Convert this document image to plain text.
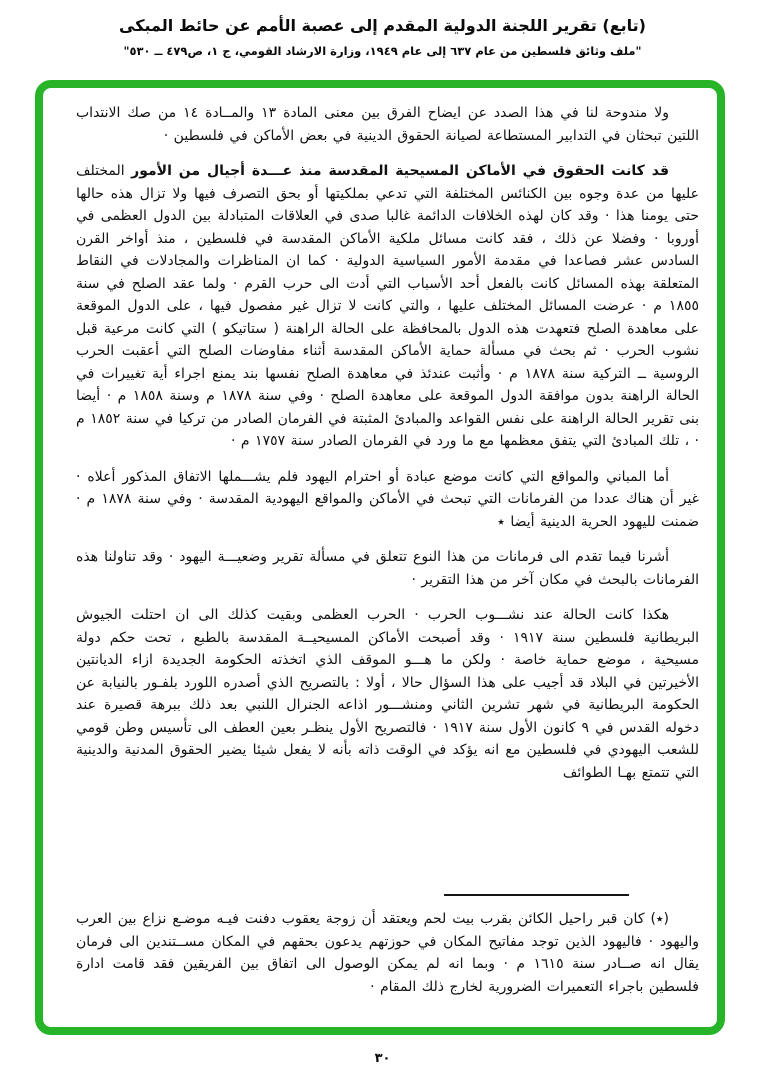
(تابع) تقرير اللجنة الدولية المقدم إلى عصبة الأمم عن حائط المبكى
"ملف وثائق فلسطين من عام ٦٣٧ إلى عام ١٩٤٩، وزارة الارشاد القومي، ج ١، ص٤٧٩ ــ ٥٣٠"

ولا مندوحة لنا في هذا الصدد عن ايضاح الفرق بين معنى المادة ١٣ والمــادة ١٤ من صك الانتداب اللتين تبحثان في التدابير المستطاعة لصيانة الحقوق الدينية في بعض الأماكن في فلسطين ·

قد كانت الحقوق في الأماكن المسيحية المقدسة منذ عـــدة أجيال من الأمور المختلف عليها من عدة وجوه بين الكنائس المختلفة التي تدعي بملكيتها أو بحق التصرف فيها ولا تزال هذه حالها حتى يومنا هذا · وقد كان لهذه الخلافات الدائمة غالبا صدى في العلاقات المتبادلة بين الدول العظمى في أوروبا · وفضلا عن ذلك ، فقد كانت مسائل ملكية الأماكن المقدسة في فلسطين ، منذ أواخر القرن السادس عشر فصاعدا في مقدمة الأمور السياسية الدولية · كما ان المناظرات والمجادلات في النقاط المتعلقة بهذه المسائل كانت بالفعل أحد الأسباب التي أدت الى حرب القرم · ولما عقد الصلح في سنة ١٨٥٥ م · عرضت المسائل المختلف عليها ، والتي كانت لا تزال غير مفصول فيها ، على الدول الموقعة على معاهدة الصلح فتعهدت هذه الدول بالمحافظة على الحالة الراهنة ( ستاتيكو ) التي كانت مرعية قبل نشوب الحرب · ثم بحث في مسألة حماية الأماكن المقدسة أثناء مفاوضات الصلح التي أعقبت الحرب الروسية ــ التركية سنة ١٨٧٨ م · وأثبت عندئذ في معاهدة الصلح نفسها بند يمنع اجراء أية تغييرات في الحالة الراهنة بدون موافقة الدول الموقعة على معاهدة الصلح · وفي سنة ١٨٧٨ م وسنة ١٨٥٨ م · أيضا بنى تقرير الحالة الراهنة على نفس القواعد والمبادئ المثبتة في الفرمان الصادر من تركيا في سنة ١٨٥٢ م · ، تلك المبادئ التي يتفق معظمها مع ما ورد في الفرمان الصادر سنة ١٧٥٧ م ·

أما المباني والمواقع التي كانت موضع عبادة أو احترام اليهود فلم يشـــملها الاتفاق المذكور أعلاه · غير أن هناك عددا من الفرمانات التي تبحث في الأماكن والمواقع اليهودية المقدسة · وفي سنة ١٨٧٨ م · ضمنت لليهود الحرية الدينية أيضا ٭

أشرنا فيما تقدم الى فرمانات من هذا النوع تتعلق في مسألة تقرير وضعيـــة اليهود · وقد تناولنا هذه الفرمانات بالبحث في مكان آخر من هذا التقرير ·

هكذا كانت الحالة عند نشـــوب الحرب · الحرب العظمى وبقيت كذلك الى ان احتلت الجيوش البريطانية فلسطين سنة ١٩١٧ · وقد أصبحت الأماكن المسيحيــة المقدسة بالطبع ، تحت حكم دولة مسيحية ، موضع حماية خاصة · ولكن ما هـــو الموقف الذي اتخذته الحكومة الجديدة ازاء الديانتين الأخيرتين في البلاد قد أجيب على هذا السؤال حالا ، أولا : بالتصريح الذي أصدره اللورد بلفـور بالنيابة عن الحكومة البريطانية في شهر تشرين الثاني ومنشـــور اذاعه الجنرال اللنبي بعد ذلك ببرهة قصيرة عند دخوله القدس في ٩ كانون الأول سنة ١٩١٧ · فالتصريح الأول ينظـر بعين العطف الى تأسيس وطن قومي للشعب اليهودي في فلسطين مع انه يؤكد في الوقت ذاته بأنه لا يفعل شيئا يضير الحقوق المدنية والدينية التي تتمتع بهـا الطوائف

(٭) كان قبر راحيل الكائن بقرب بيت لحم ويعتقد أن زوجة يعقوب دفنت فيـه موضـع نزاع بين العرب واليهود · فاليهود الذين توجد مفاتيح المكان في حوزتهم يدعون بحقهم في المكان مســتندين الى فرمان يقال انه صــادر سنة ١٦١٥ م · وبما انه لم يمكن الوصول الى اتفاق بين الفريقين فقد قامت ادارة فلسطين باجراء التعميرات الضرورية لخارج ذلك المقام ·

٣٠
